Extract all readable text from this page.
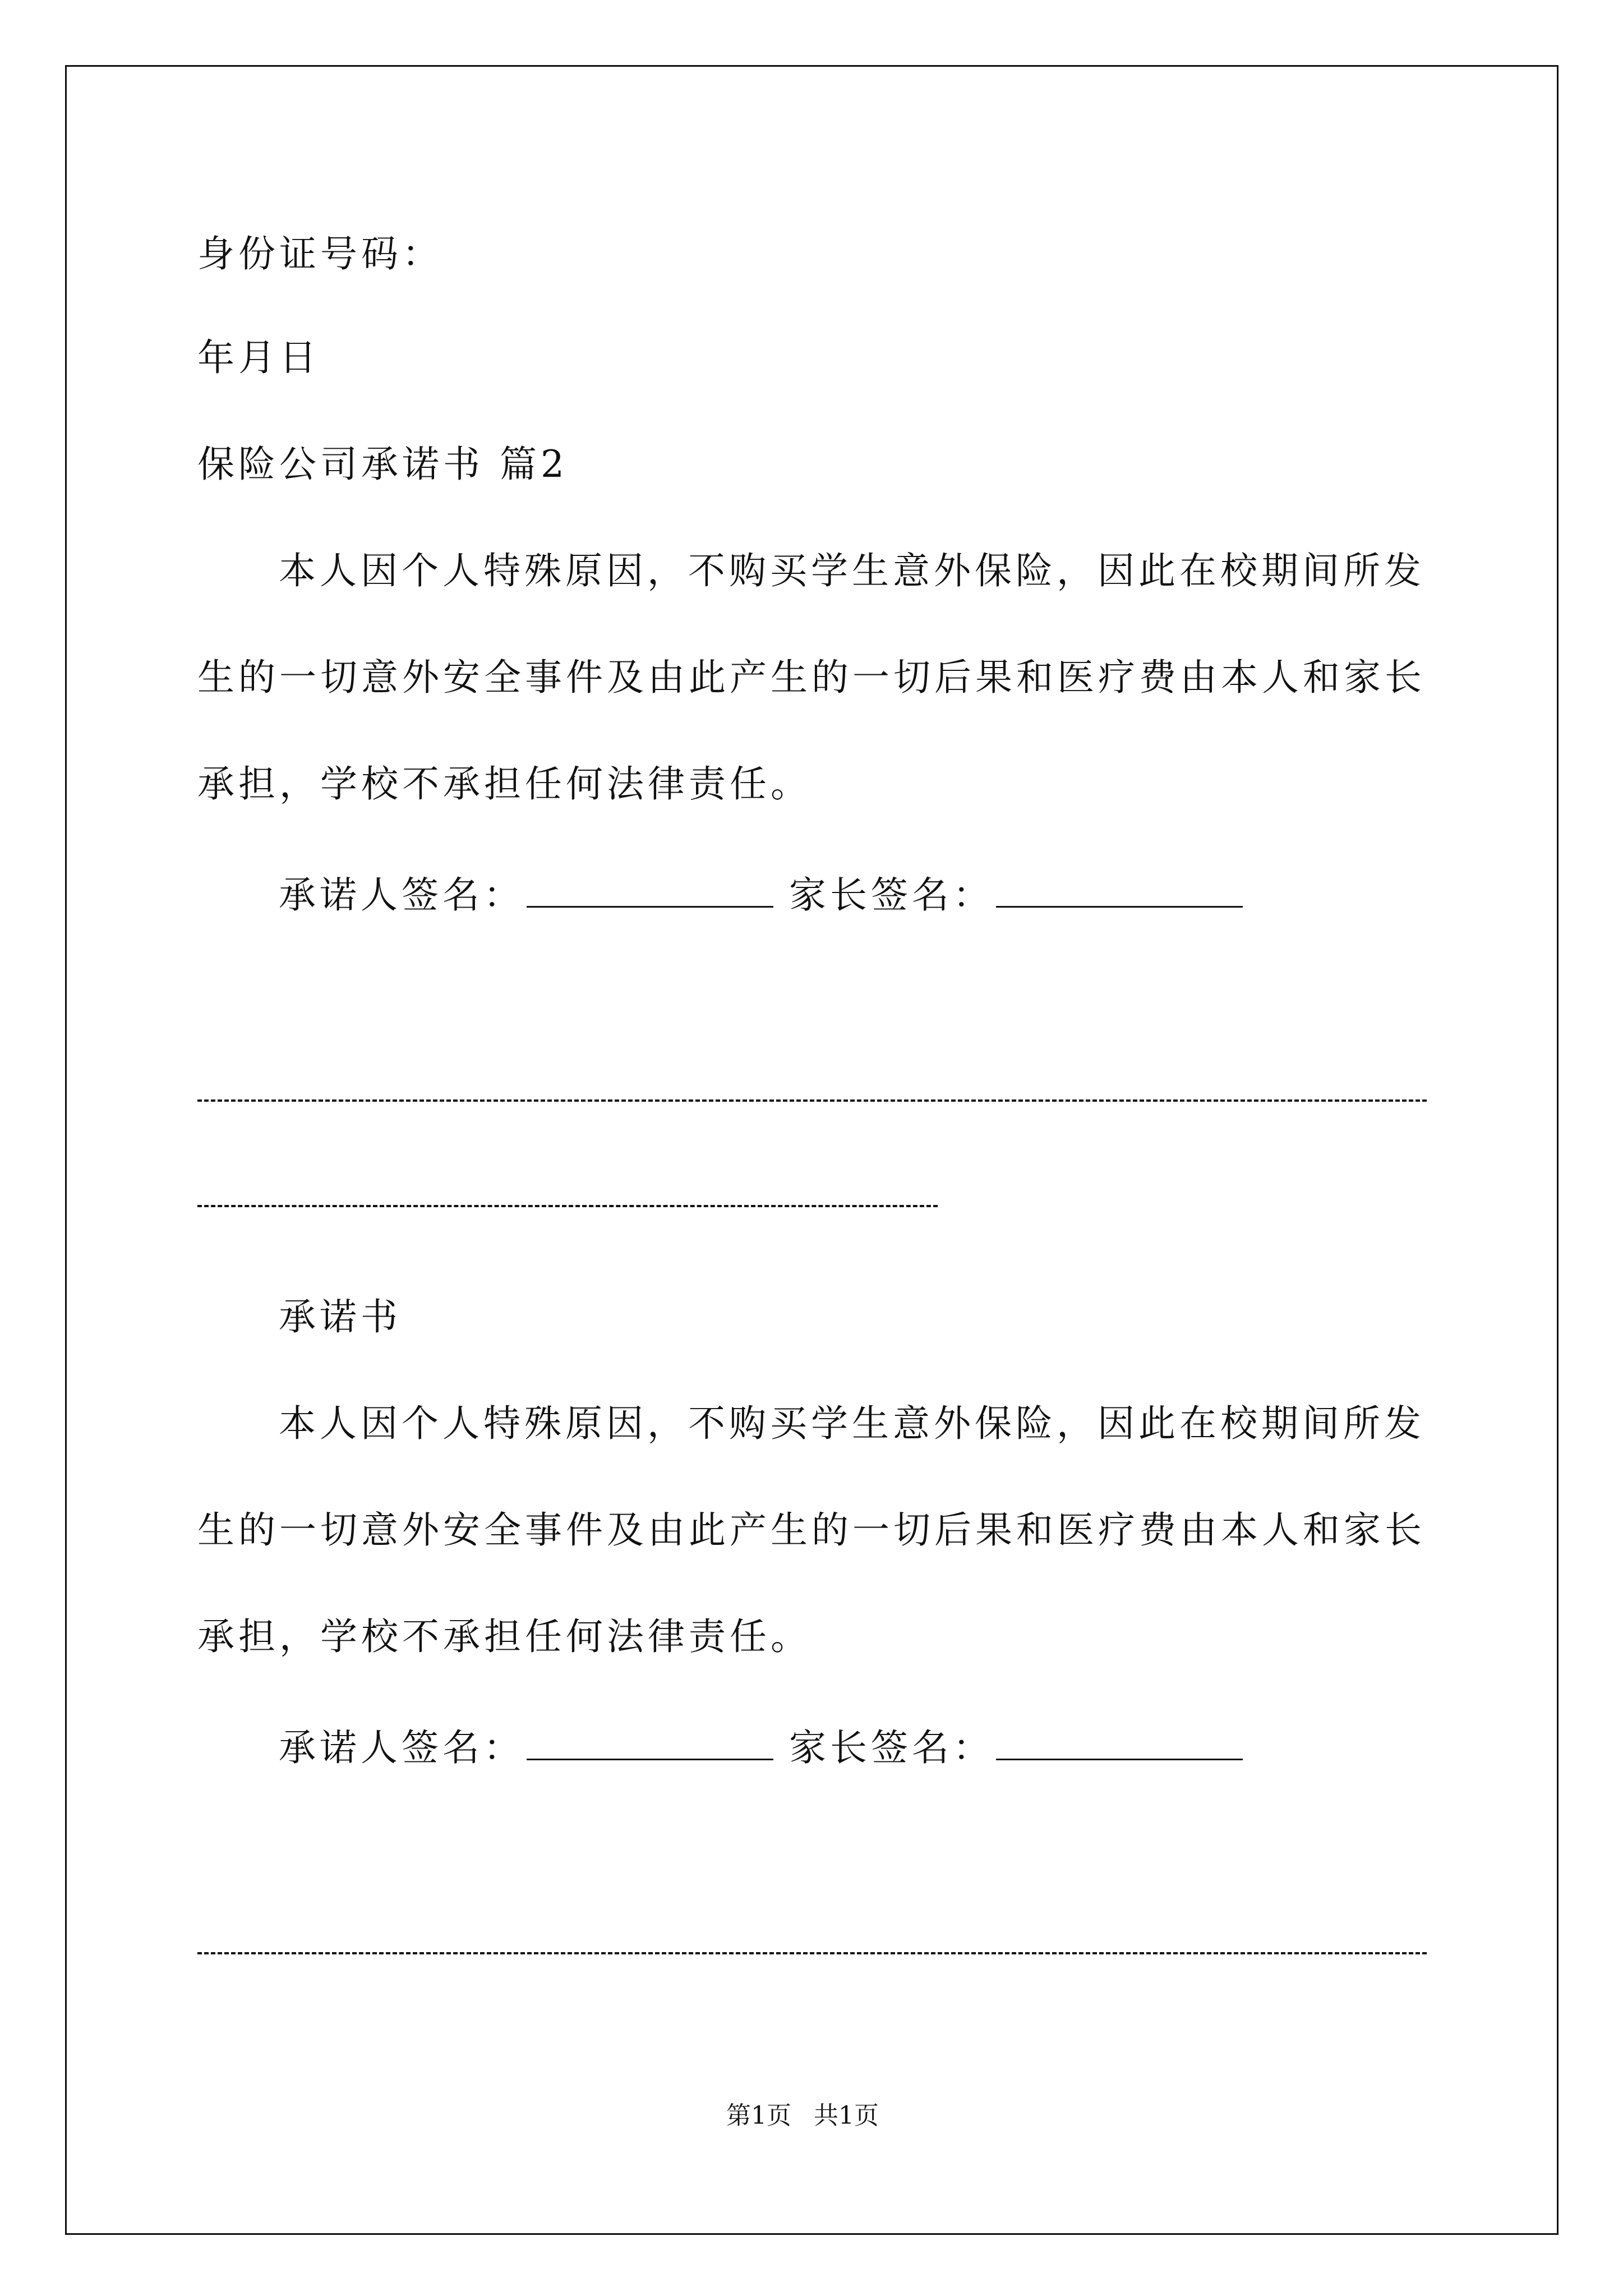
身份证号码：
年月日
保险公司承诺书 篇2
本人因个人特殊原因，不购买学生意外保险，因此在校期间所发
生的一切意外安全事件及由此产生的一切后果和医疗费由本人和家长
承担，学校不承担任何法律责任。
承诺人签名：	家长签名：
承诺书
本人因个人特殊原因，不购买学生意外保险，因此在校期间所发
生的一切意外安全事件及由此产生的一切后果和医疗费由本人和家长
承担，学校不承担任何法律责任。
承诺人签名：	家长签名：
第1页 共1页
